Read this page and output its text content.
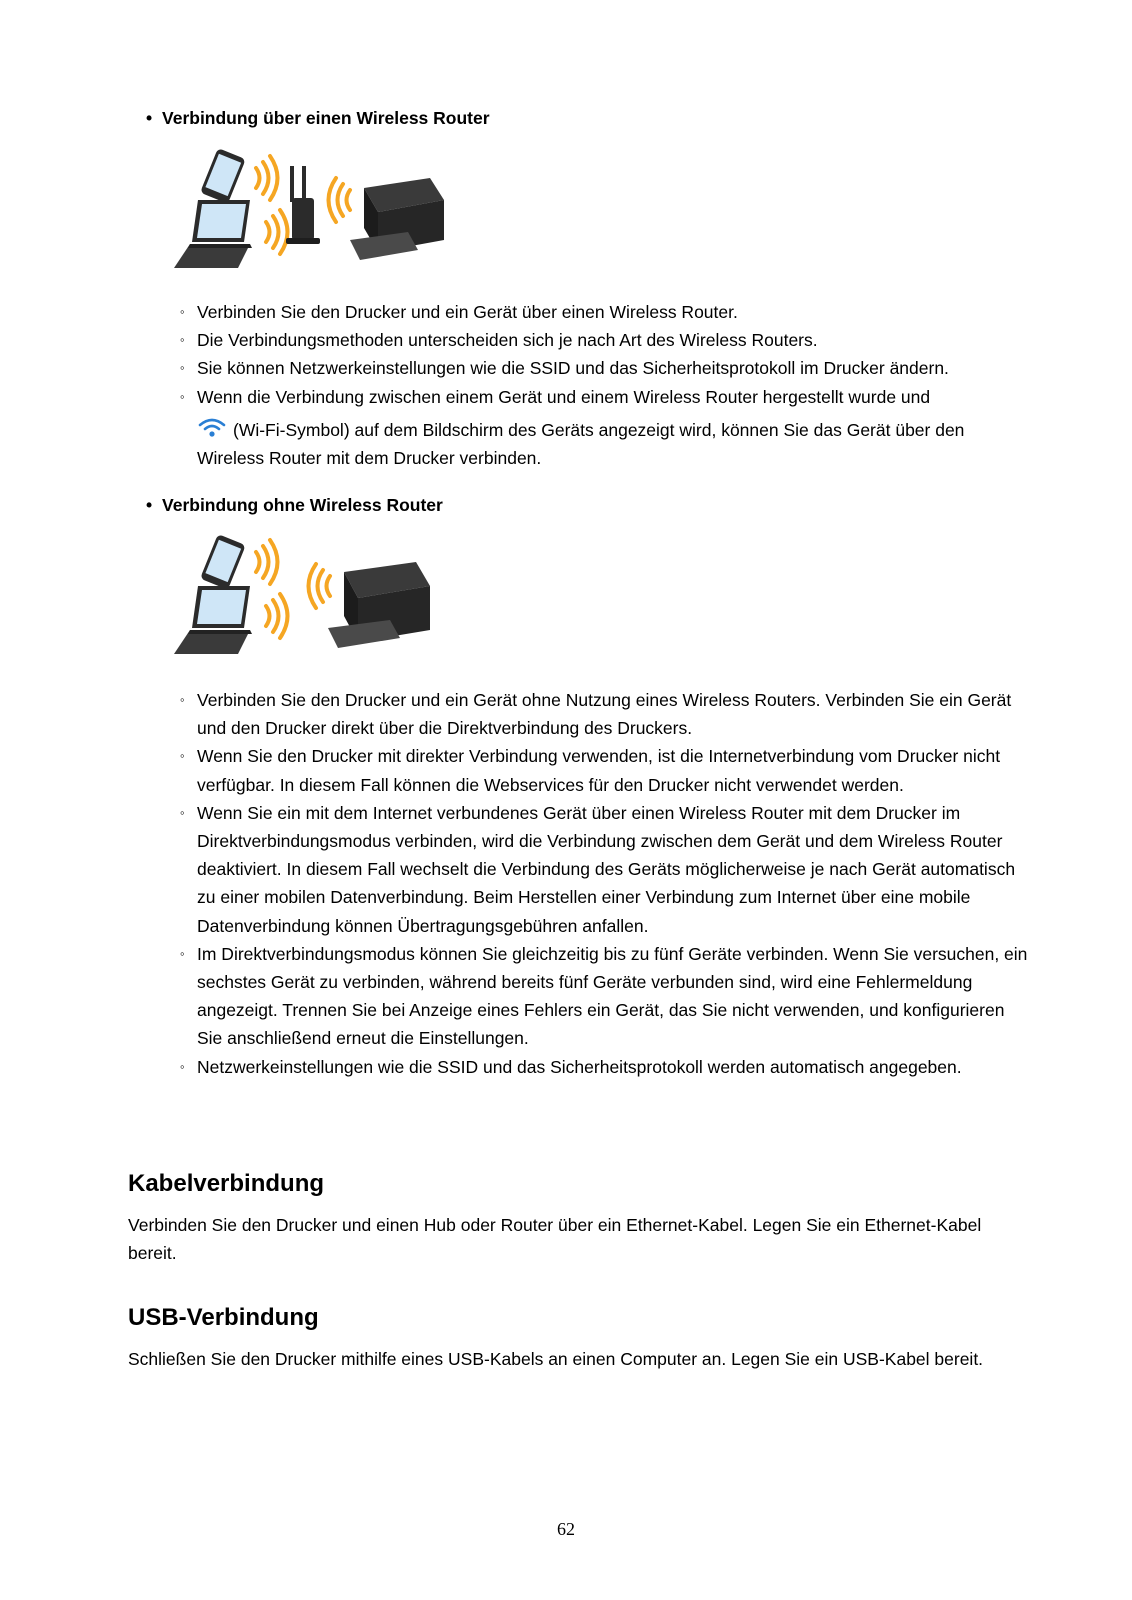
• Verbindung über einen Wireless Router
◦ Verbinden Sie den Drucker und ein Gerät über einen Wireless Router.
◦ Die Verbindungsmethoden unterscheiden sich je nach Art des Wireless Routers.
◦ Sie können Netzwerkeinstellungen wie die SSID und das Sicherheitsprotokoll im Drucker ändern.
◦ Wenn die Verbindung zwischen einem Gerät und einem Wireless Router hergestellt wurde und
(Wi-Fi-Symbol) auf dem Bildschirm des Geräts angezeigt wird, können Sie das Gerät über den Wireless Router mit dem Drucker verbinden.
• Verbindung ohne Wireless Router
◦ Verbinden Sie den Drucker und ein Gerät ohne Nutzung eines Wireless Routers. Verbinden Sie ein Gerät und den Drucker direkt über die Direktverbindung des Druckers.
◦ Wenn Sie den Drucker mit direkter Verbindung verwenden, ist die Internetverbindung vom Drucker nicht verfügbar. In diesem Fall können die Webservices für den Drucker nicht verwendet werden.
◦ Wenn Sie ein mit dem Internet verbundenes Gerät über einen Wireless Router mit dem Drucker im Direktverbindungsmodus verbinden, wird die Verbindung zwischen dem Gerät und dem Wireless Router deaktiviert. In diesem Fall wechselt die Verbindung des Geräts möglicherweise je nach Gerät automatisch zu einer mobilen Datenverbindung. Beim Herstellen einer Verbindung zum Internet über eine mobile Datenverbindung können Übertragungsgebühren anfallen.
◦ Im Direktverbindungsmodus können Sie gleichzeitig bis zu fünf Geräte verbinden. Wenn Sie versuchen, ein sechstes Gerät zu verbinden, während bereits fünf Geräte verbunden sind, wird eine Fehlermeldung angezeigt. Trennen Sie bei Anzeige eines Fehlers ein Gerät, das Sie nicht verwenden, und konfigurieren Sie anschließend erneut die Einstellungen.
◦ Netzwerkeinstellungen wie die SSID und das Sicherheitsprotokoll werden automatisch angegeben.
Kabelverbindung

Verbinden Sie den Drucker und einen Hub oder Router über ein Ethernet-Kabel. Legen Sie ein Ethernet-Kabel bereit.

USB-Verbindung

Schließen Sie den Drucker mithilfe eines USB-Kabels an einen Computer an. Legen Sie ein USB-Kabel bereit.

62
